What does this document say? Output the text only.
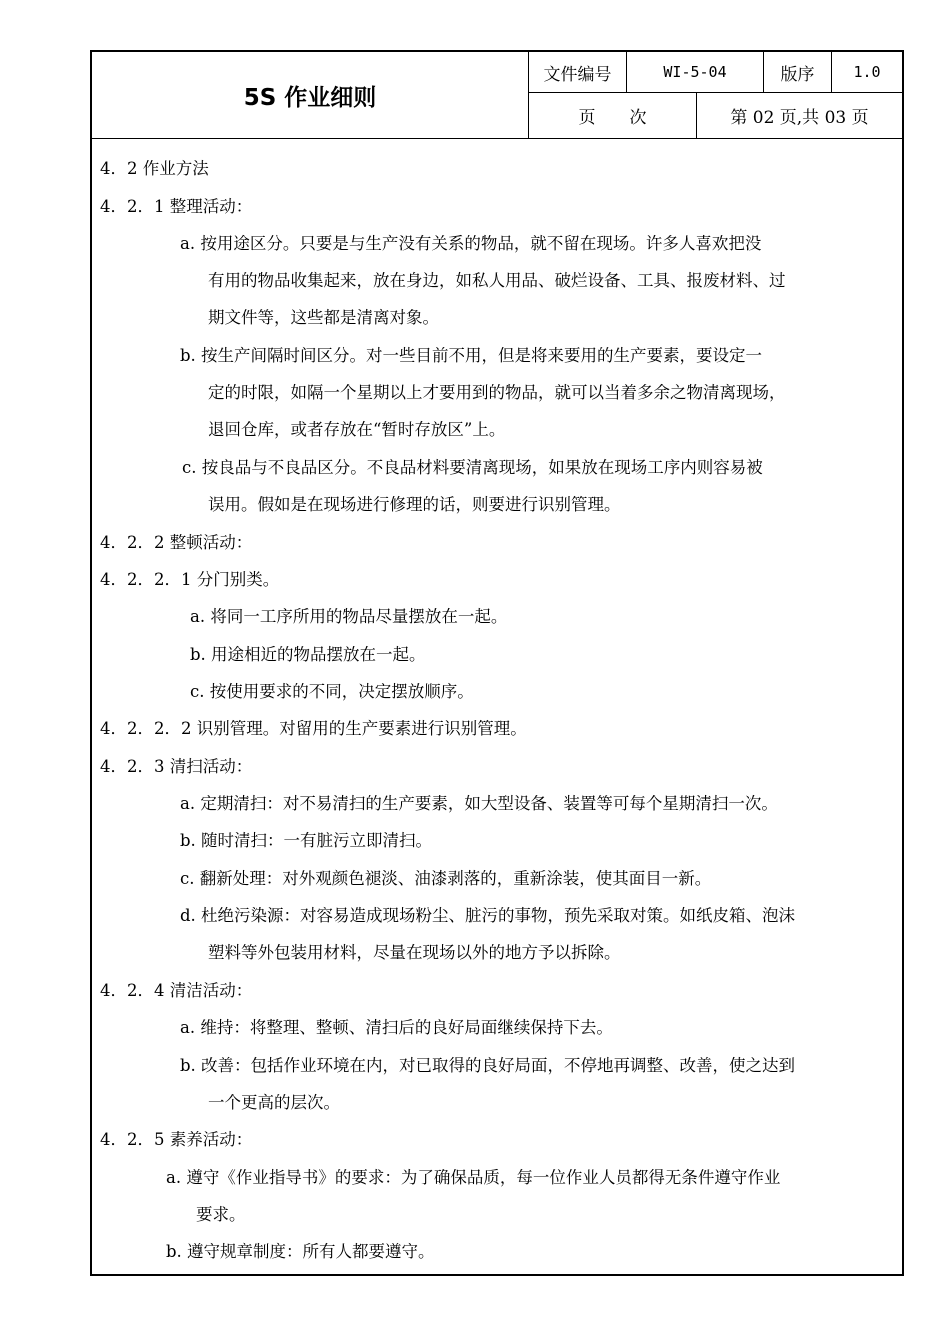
5S 作业细则
文件编号	WI-5-04	版序	1.0
页　　次	第 02 页,共 03 页
4．2 作业方法
4．2．1 整理活动：
a. 按用途区分。只要是与生产没有关系的物品，就不留在现场。许多人喜欢把没
有用的物品收集起来，放在身边，如私人用品、破烂设备、工具、报废材料、过
期文件等，这些都是清离对象。
b. 按生产间隔时间区分。对一些目前不用，但是将来要用的生产要素，要设定一
定的时限，如隔一个星期以上才要用到的物品，就可以当着多余之物清离现场，
退回仓库，或者存放在“暂时存放区”上。
c. 按良品与不良品区分。不良品材料要清离现场，如果放在现场工序内则容易被
误用。假如是在现场进行修理的话，则要进行识别管理。
4．2．2 整顿活动：
4．2．2．1 分门别类。
a. 将同一工序所用的物品尽量摆放在一起。
b. 用途相近的物品摆放在一起。
c. 按使用要求的不同，决定摆放顺序。
4．2．2．2 识别管理。对留用的生产要素进行识别管理。
4．2．3 清扫活动：
a. 定期清扫：对不易清扫的生产要素，如大型设备、装置等可每个星期清扫一次。
b. 随时清扫：一有脏污立即清扫。
c. 翻新处理：对外观颜色褪淡、油漆剥落的，重新涂装，使其面目一新。
d. 杜绝污染源：对容易造成现场粉尘、脏污的事物，预先采取对策。如纸皮箱、泡沫
塑料等外包装用材料，尽量在现场以外的地方予以拆除。
4．2．4 清洁活动：
a. 维持：将整理、整顿、清扫后的良好局面继续保持下去。
b. 改善：包括作业环境在内，对已取得的良好局面，不停地再调整、改善，使之达到
一个更高的层次。
4．2．5 素养活动：
a. 遵守《作业指导书》的要求：为了确保品质，每一位作业人员都得无条件遵守作业
要求。
b. 遵守规章制度：所有人都要遵守。
